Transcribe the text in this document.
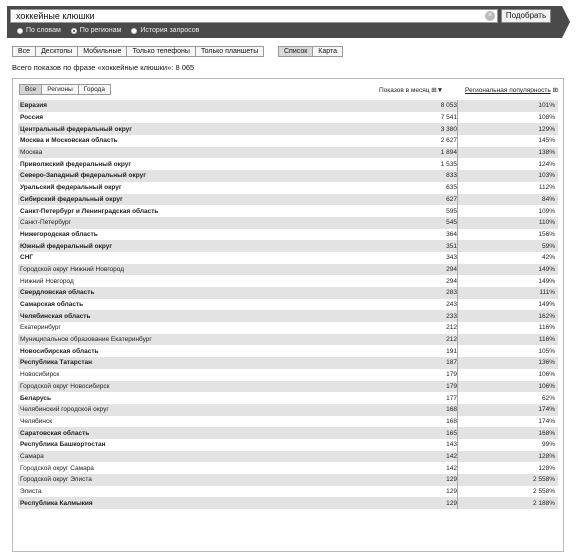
хоккейные клюшки	×	Подобрать
По словам	По регионам	История запросов
Все	Десктопы	Мобильные	Только телефоны	Только планшеты	Список	Карта
Всего показов по фразе «хоккейные клюшки»: 8 065
Все	Регионы	Города	Показов в месяц ⊞▼	Региональная популярность ⊞
Евразия	8 053	101%
Россия	7 541	108%
Центральный федеральный округ	3 380	129%
Москва и Московская область	2 627	145%
Москва	1 894	138%
Приволжский федеральный округ	1 535	124%
Северо-Западный федеральный округ	833	103%
Уральский федеральный округ	635	112%
Сибирский федеральный округ	627	84%
Санкт-Петербург и Ленинградская область	595	109%
Санкт-Петербург	545	110%
Нижегородская область	364	156%
Южный федеральный округ	351	59%
СНГ	343	42%
Городской округ Нижний Новгород	294	149%
Нижний Новгород	294	149%
Свердловская область	283	111%
Самарская область	243	149%
Челябинская область	233	162%
Екатеринбург	212	116%
Муниципальное образование Екатеринбург	212	116%
Новосибирская область	191	105%
Республика Татарстан	187	136%
Новосибирск	179	106%
Городской округ Новосибирск	179	106%
Беларусь	177	62%
Челябинский городской округ	168	174%
Челябинск	168	174%
Саратовская область	165	168%
Республика Башкортостан	143	99%
Самара	142	128%
Городской округ Самара	142	128%
Городской округ Элиста	129	2 558%
Элиста	129	2 558%
Республика Калмыкия	129	2 188%
